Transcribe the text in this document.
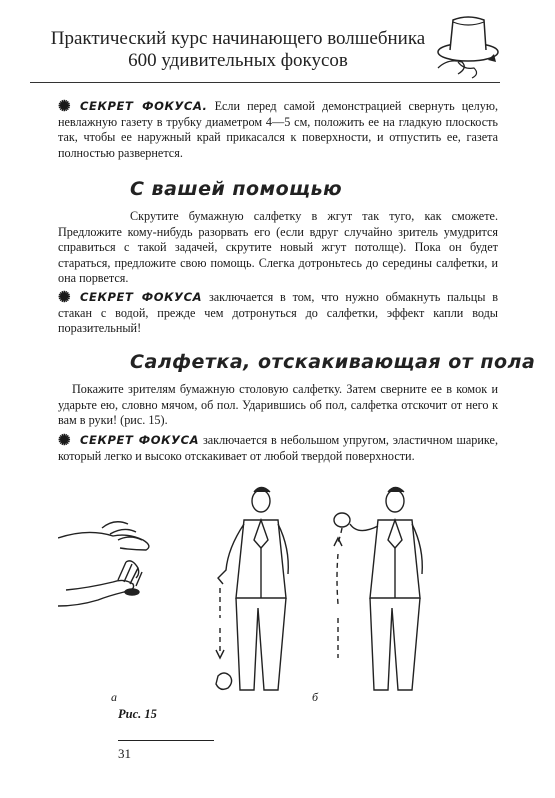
Практический курс начинающего волшебника
600 удивительных фокусов
✺ СЕКРЕТ ФОКУСА. Если перед самой демонстрацией свернуть целую, невлажную газету в трубку диаметром 4—5 см, положить ее на гладкую плоскость так, чтобы ее наружный край прикасался к поверхности, и отпустить ее, газета полностью развернется.
С вашей помощью
Скрутите бумажную салфетку в жгут так туго, как сможете. Предложите кому-нибудь разорвать его (если вдруг случайно зритель умудрится справиться с такой задачей, скрутите новый жгут потолще). Пока он будет стараться, предложите свою помощь. Слегка дотроньтесь до середины салфетки, и она порвется.
✺ СЕКРЕТ ФОКУСА заключается в том, что нужно обмакнуть пальцы в стакан с водой, прежде чем дотронуться до салфетки, эффект капли воды поразительный!
Салфетка, отскакивающая от пола
Покажите зрителям бумажную столовую салфетку. Затем сверните ее в комок и ударьте ею, словно мячом, об пол. Ударившись об пол, салфетка отскочит от него к вам в руки! (рис. 15).
✺ СЕКРЕТ ФОКУСА заключается в небольшом упругом, эластичном шарике, который легко и высоко отскакивает от любой твердой поверхности.
а	б
Рис. 15
31
